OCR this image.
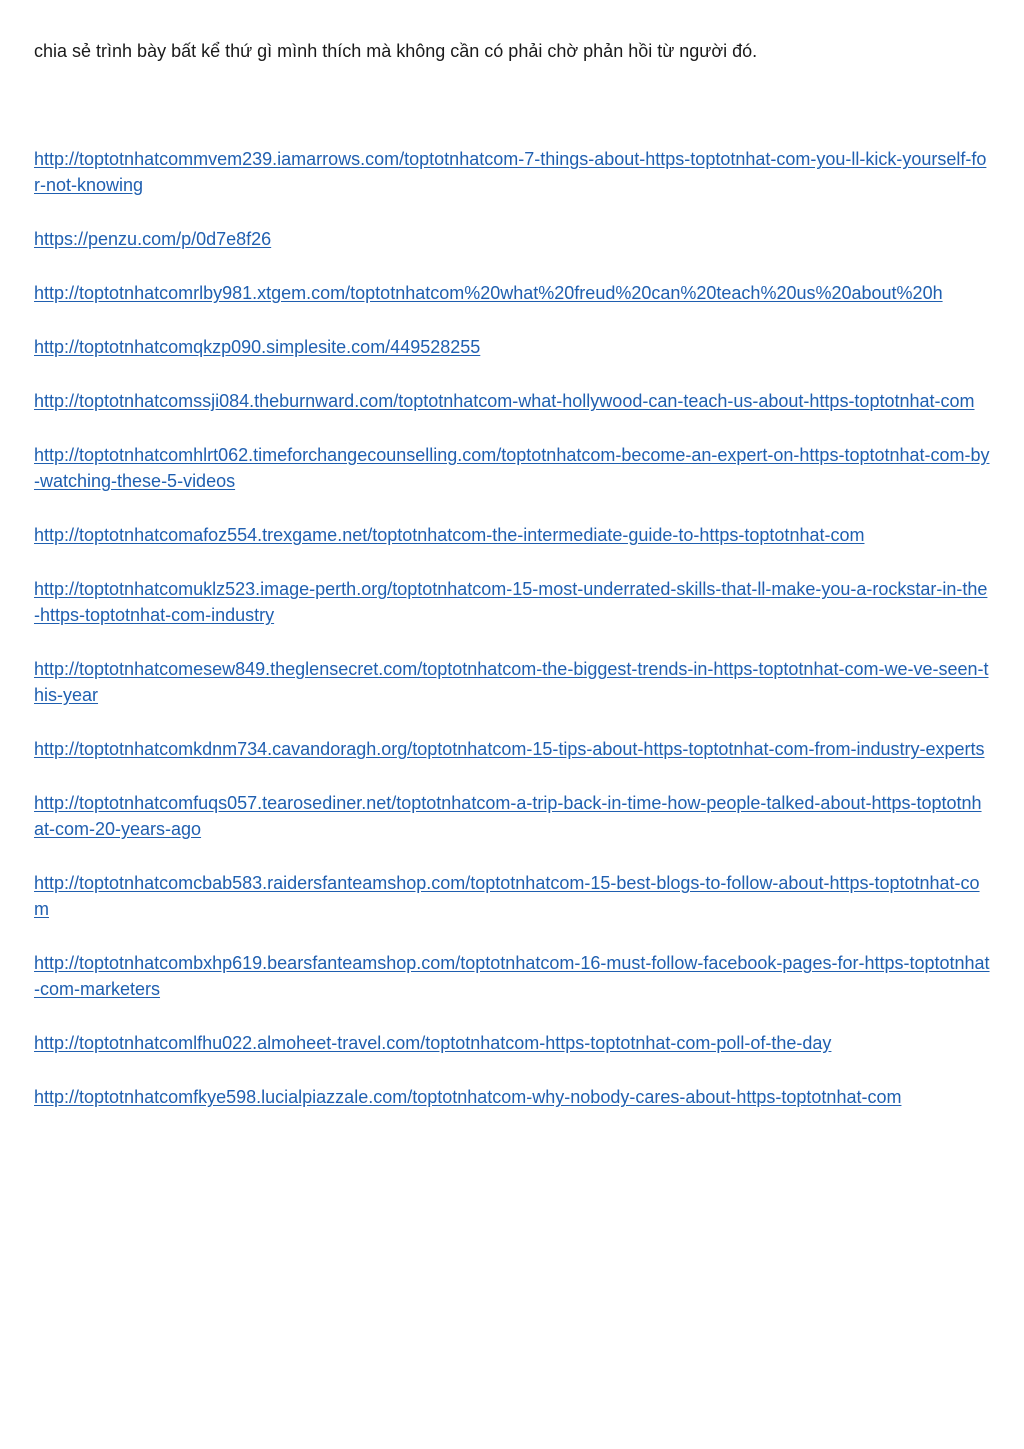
chia sẻ trình bày bất kể thứ gì mình thích mà không cần có phải chờ phản hồi từ người đó.

http://toptotnhatcommvem239.iamarrows.com/toptotnhatcom-7-things-about-https-toptotnhat-com-you-ll-kick-yourself-for-not-knowing
https://penzu.com/p/0d7e8f26
http://toptotnhatcomrlby981.xtgem.com/toptotnhatcom%20what%20freud%20can%20teach%20us%20about%20h
http://toptotnhatcomqkzp090.simplesite.com/449528255
http://toptotnhatcomssji084.theburnward.com/toptotnhatcom-what-hollywood-can-teach-us-about-https-toptotnhat-com
http://toptotnhatcomhlrt062.timeforchangecounselling.com/toptotnhatcom-become-an-expert-on-https-toptotnhat-com-by-watching-these-5-videos
http://toptotnhatcomafoz554.trexgame.net/toptotnhatcom-the-intermediate-guide-to-https-toptotnhat-com
http://toptotnhatcomuklz523.image-perth.org/toptotnhatcom-15-most-underrated-skills-that-ll-make-you-a-rockstar-in-the-https-toptotnhat-com-industry
http://toptotnhatcomesew849.theglensecret.com/toptotnhatcom-the-biggest-trends-in-https-toptotnhat-com-we-ve-seen-this-year
http://toptotnhatcomkdnm734.cavandoragh.org/toptotnhatcom-15-tips-about-https-toptotnhat-com-from-industry-experts
http://toptotnhatcomfuqs057.tearosediner.net/toptotnhatcom-a-trip-back-in-time-how-people-talked-about-https-toptotnhat-com-20-years-ago
http://toptotnhatcomcbab583.raidersfanteamshop.com/toptotnhatcom-15-best-blogs-to-follow-about-https-toptotnhat-com
http://toptotnhatcombxhp619.bearsfanteamshop.com/toptotnhatcom-16-must-follow-facebook-pages-for-https-toptotnhat-com-marketers
http://toptotnhatcomlfhu022.almoheet-travel.com/toptotnhatcom-https-toptotnhat-com-poll-of-the-day
http://toptotnhatcomfkye598.lucialpiazzale.com/toptotnhatcom-why-nobody-cares-about-https-toptotnhat-com
